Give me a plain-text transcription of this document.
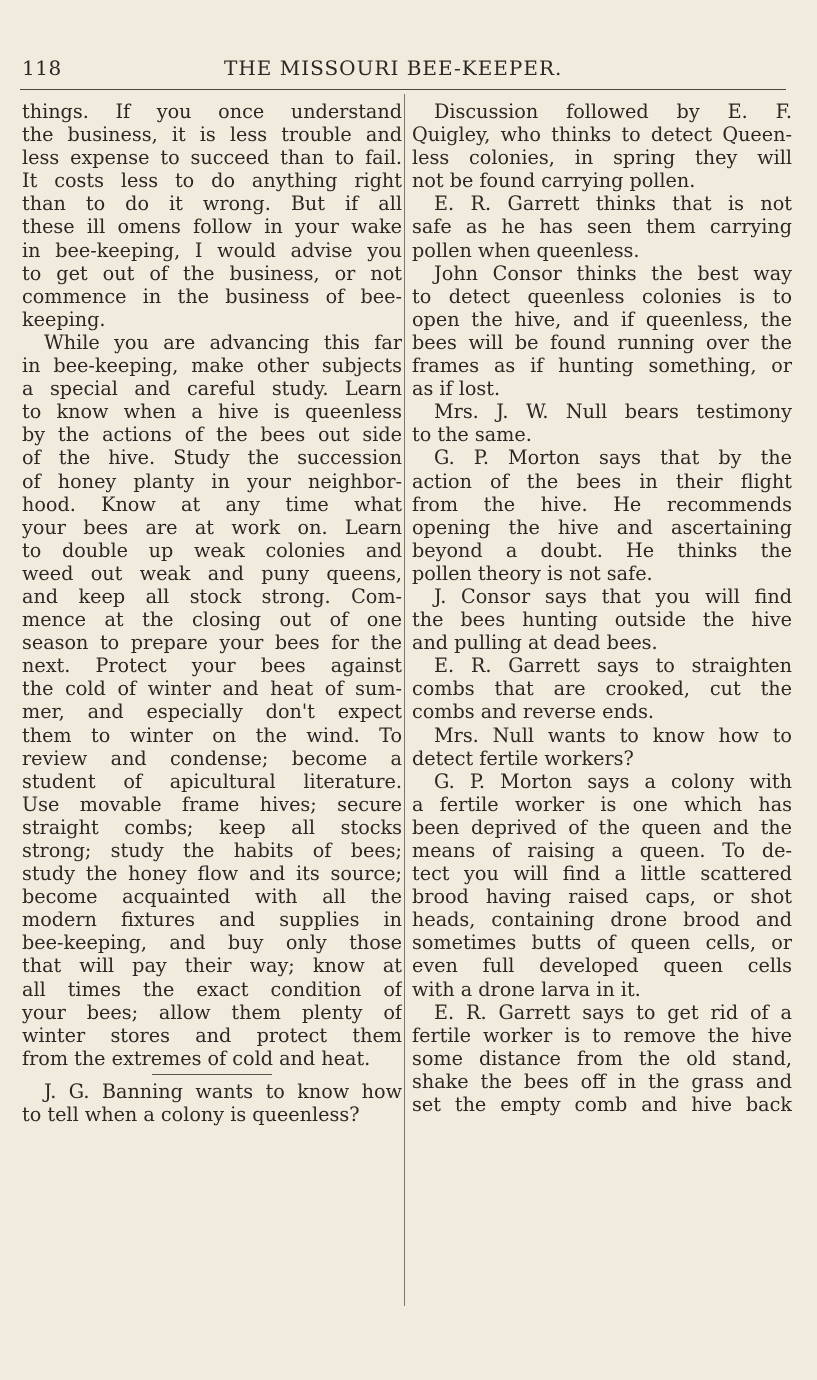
118	THE MISSOURI BEE-KEEPER.
things. If you once understand
the business, it is less trouble and
less expense to succeed than to fail.
It costs less to do anything right
than to do it wrong. But if all
these ill omens follow in your wake
in bee-keeping, I would advise you
to get out of the business, or not
commence in the business of bee-
keeping.
While you are advancing this far
in bee-keeping, make other subjects
a special and careful study. Learn
to know when a hive is queenless
by the actions of the bees out side
of the hive. Study the succession
of honey planty in your neighbor-
hood. Know at any time what
your bees are at work on. Learn
to double up weak colonies and
weed out weak and puny queens,
and keep all stock strong. Com-
mence at the closing out of one
season to prepare your bees for the
next. Protect your bees against
the cold of winter and heat of sum-
mer, and especially don't expect
them to winter on the wind. To
review and condense; become a
student of apicultural literature.
Use movable frame hives; secure
straight combs; keep all stocks
strong; study the habits of bees;
study the honey flow and its source;
become acquainted with all the
modern fixtures and supplies in
bee-keeping, and buy only those
that will pay their way; know at
all times the exact condition of
your bees; allow them plenty of
winter stores and protect them
from the extremes of cold and heat.
J. G. Banning wants to know how
to tell when a colony is queenless?
Discussion followed by E. F.
Quigley, who thinks to detect Queen-
less colonies, in spring they will
not be found carrying pollen.
E. R. Garrett thinks that is not
safe as he has seen them carrying
pollen when queenless.
John Consor thinks the best way
to detect queenless colonies is to
open the hive, and if queenless, the
bees will be found running over the
frames as if hunting something, or
as if lost.
Mrs. J. W. Null bears testimony
to the same.
G. P. Morton says that by the
action of the bees in their flight
from the hive. He recommends
opening the hive and ascertaining
beyond a doubt. He thinks the
pollen theory is not safe.
J. Consor says that you will find
the bees hunting outside the hive
and pulling at dead bees.
E. R. Garrett says to straighten
combs that are crooked, cut the
combs and reverse ends.
Mrs. Null wants to know how to
detect fertile workers?
G. P. Morton says a colony with
a fertile worker is one which has
been deprived of the queen and the
means of raising a queen. To de-
tect you will find a little scattered
brood having raised caps, or shot
heads, containing drone brood and
sometimes butts of queen cells, or
even full developed queen cells
with a drone larva in it.
E. R. Garrett says to get rid of a
fertile worker is to remove the hive
some distance from the old stand,
shake the bees off in the grass and
set the empty comb and hive back
